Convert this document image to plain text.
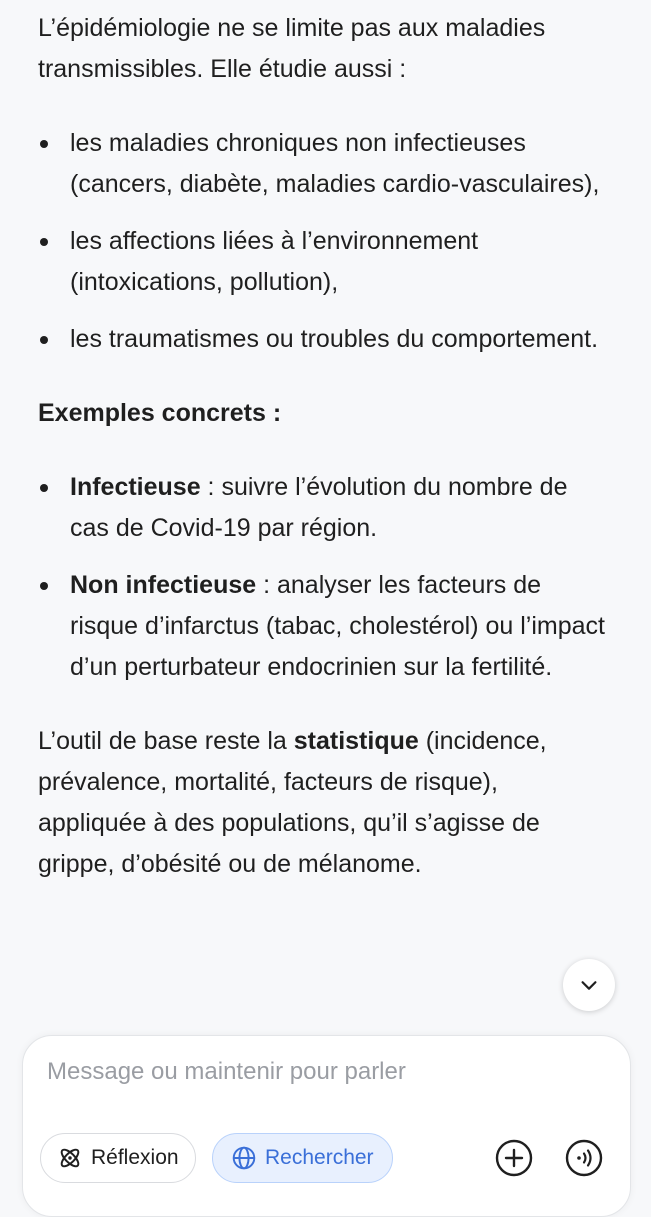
L’épidémiologie ne se limite pas aux maladies transmissibles. Elle étudie aussi :

les maladies chroniques non infectieuses (cancers, diabète, maladies cardio-vasculaires),
les affections liées à l’environnement (intoxications, pollution),
les traumatismes ou troubles du comportement.

Exemples concrets :

Infectieuse : suivre l’évolution du nombre de cas de Covid-19 par région.
Non infectieuse : analyser les facteurs de risque d’infarctus (tabac, cholestérol) ou l’impact d’un perturbateur endocrinien sur la fertilité.

L’outil de base reste la statistique (incidence, prévalence, mortalité, facteurs de risque), appliquée à des populations, qu’il s’agisse de grippe, d’obésité ou de mélanome.

Message ou maintenir pour parler
Réflexion	Rechercher
